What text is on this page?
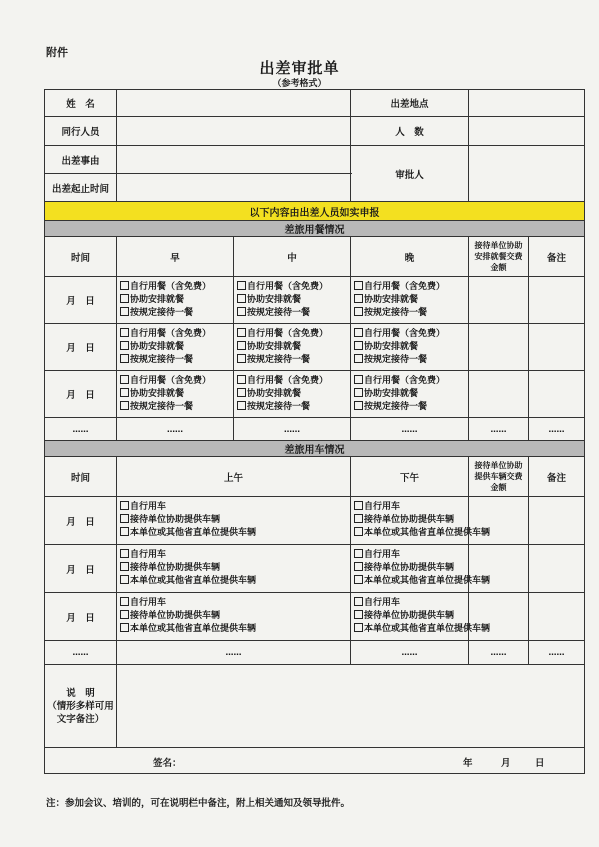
附件
出差审批单
（参考格式）
姓　名			出差地点		
同行人员			人　数		
出差事由			审批人		
出差起止时间					
以下内容由出差人员如实申报					
差旅用餐情况					
时间	早	中	晚	接待单位协助安排就餐交费金额	备注
月　日	自行用餐（含免费）
协助安排就餐
按规定接待一餐	自行用餐（含免费）
协助安排就餐
按规定接待一餐	自行用餐（含免费）
协助安排就餐
按规定接待一餐		

月　日	自行用餐（含免费）
协助安排就餐
按规定接待一餐	自行用餐（含免费）
协助安排就餐
按规定接待一餐	自行用餐（含免费）
协助安排就餐
按规定接待一餐		

月　日	自行用餐（含免费）
协助安排就餐
按规定接待一餐	自行用餐（含免费）
协助安排就餐
按规定接待一餐	自行用餐（含免费）
协助安排就餐
按规定接待一餐		

……	……	……	……	……	……
差旅用车情况					
时间	上午		下午	接待单位协助提供车辆交费金额	备注
月　日	自行用车
接待单位协助提供车辆
本单位或其他省直单位提供车辆		自行用车
接待单位协助提供车辆
本单位或其他省直单位提供车辆		

月　日	自行用车
接待单位协助提供车辆
本单位或其他省直单位提供车辆		自行用车
接待单位协助提供车辆
本单位或其他省直单位提供车辆		

月　日	自行用车
接待单位协助提供车辆
本单位或其他省直单位提供车辆		自行用车
接待单位协助提供车辆
本单位或其他省直单位提供车辆		

……	……		……	……	……

说　明
（情形多样可用文字备注）					

签名： 年 月 日					
注：参加会议、培训的，可在说明栏中备注，附上相关通知及领导批件。
